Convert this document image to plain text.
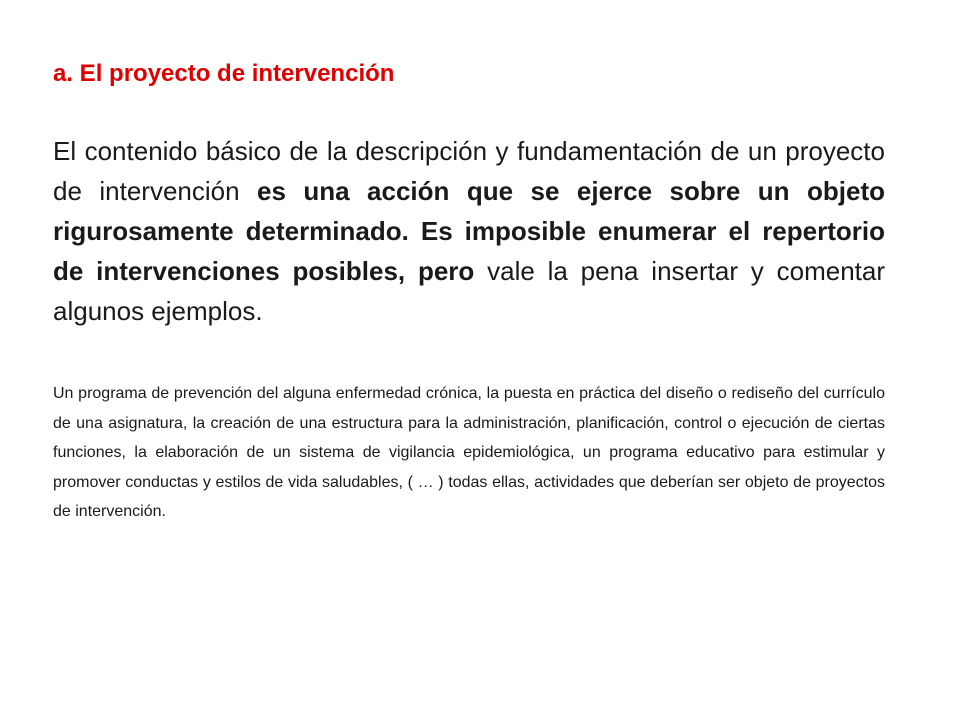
a. El proyecto de intervención

El contenido básico de la descripción y fundamentación de un proyecto de intervención es una acción que se ejerce sobre un objeto rigurosamente determinado. Es imposible enumerar el repertorio de intervenciones posibles, pero vale la pena insertar y comentar algunos ejemplos.

Un programa de prevención del alguna enfermedad crónica, la puesta en práctica del diseño o rediseño del currículo de una asignatura, la creación de una estructura para la administración, planificación, control o ejecución de ciertas funciones, la elaboración de un sistema de vigilancia epidemiológica, un programa educativo para estimular y promover conductas y estilos de vida saludables, ( … ) todas ellas, actividades que deberían ser objeto de proyectos de intervención.
